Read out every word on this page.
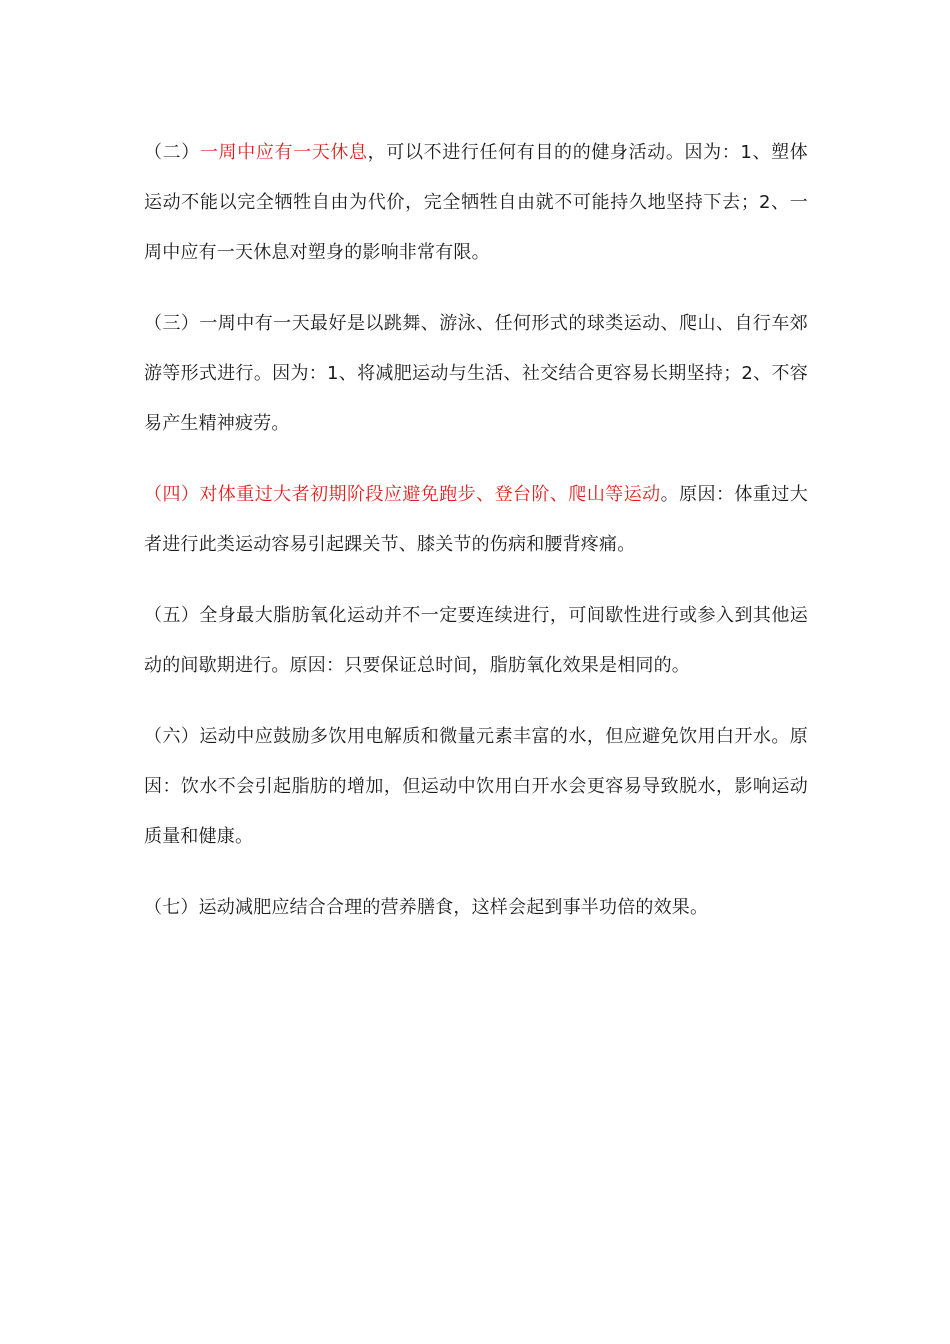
（二）一周中应有一天休息，可以不进行任何有目的的健身活动。因为：1、塑体运动不能以完全牺牲自由为代价，完全牺牲自由就不可能持久地坚持下去；2、一周中应有一天休息对塑身的影响非常有限。

（三）一周中有一天最好是以跳舞、游泳、任何形式的球类运动、爬山、自行车郊游等形式进行。因为：1、将减肥运动与生活、社交结合更容易长期坚持；2、不容易产生精神疲劳。

（四）对体重过大者初期阶段应避免跑步、登台阶、爬山等运动。原因：体重过大者进行此类运动容易引起踝关节、膝关节的伤病和腰背疼痛。

（五）全身最大脂肪氧化运动并不一定要连续进行，可间歇性进行或参入到其他运动的间歇期进行。原因：只要保证总时间，脂肪氧化效果是相同的。

（六）运动中应鼓励多饮用电解质和微量元素丰富的水，但应避免饮用白开水。原因：饮水不会引起脂肪的增加，但运动中饮用白开水会更容易导致脱水，影响运动质量和健康。

（七）运动减肥应结合合理的营养膳食，这样会起到事半功倍的效果。
